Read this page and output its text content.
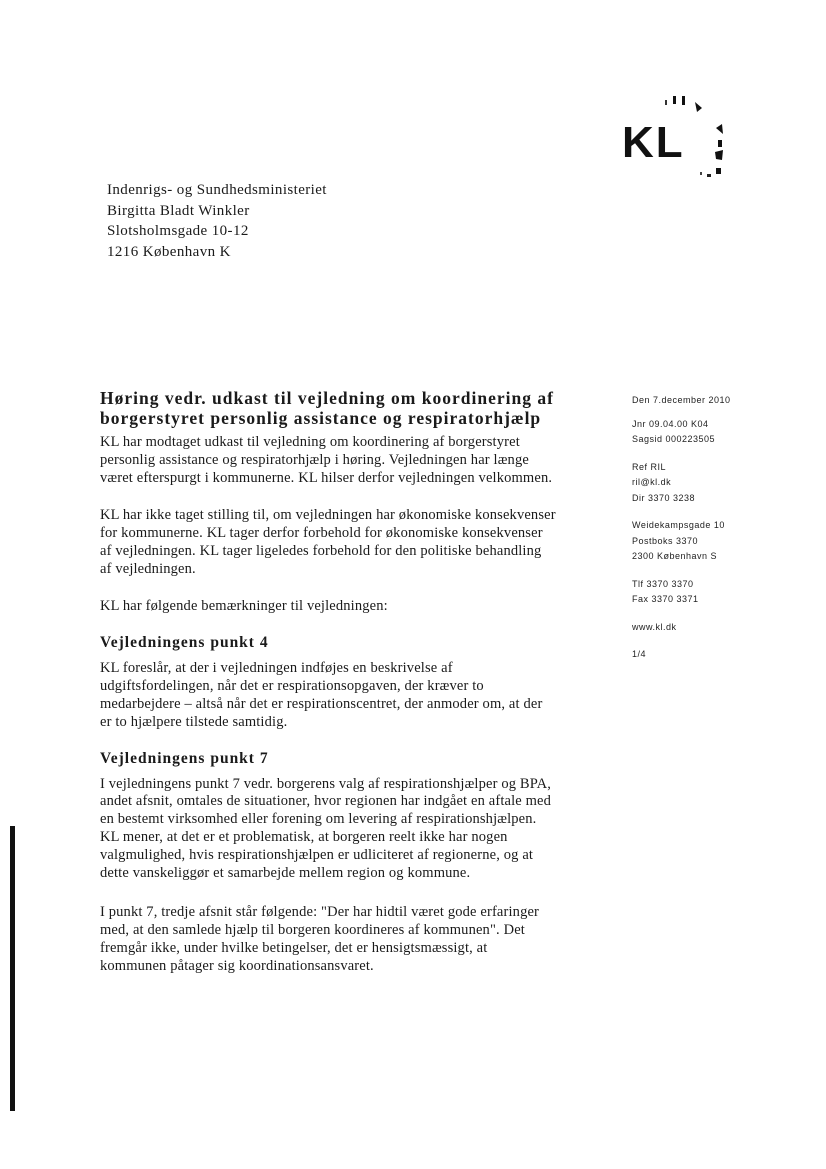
KL
Indenrigs- og Sundhedsministeriet
Birgitta Bladt Winkler
Slotsholmsgade 10-12
1216 København K
Høring vedr. udkast til vejledning om koordinering af
borgerstyret personlig assistance og respiratorhjælp
KL har modtaget udkast til vejledning om koordinering af borgerstyret
personlig assistance og respiratorhjælp i høring. Vejledningen har længe
været efterspurgt i kommunerne. KL hilser derfor vejledningen velkommen.
KL har ikke taget stilling til, om vejledningen har økonomiske konsekvenser
for kommunerne. KL tager derfor forbehold for økonomiske konsekvenser
af vejledningen. KL tager ligeledes forbehold for den politiske behandling
af vejledningen.
KL har følgende bemærkninger til vejledningen:
Vejledningens punkt 4
KL foreslår, at der i vejledningen indføjes en beskrivelse af
udgiftsfordelingen, når det er respirationsopgaven, der kræver to
medarbejdere – altså når det er respirationscentret, der anmoder om, at der
er to hjælpere tilstede samtidig.
Vejledningens punkt 7
I vejledningens punkt 7 vedr. borgerens valg af respirationshjælper og BPA,
andet afsnit, omtales de situationer, hvor regionen har indgået en aftale med
en bestemt virksomhed eller forening om levering af respirationshjælpen.
KL mener, at det er et problematisk, at borgeren reelt ikke har nogen
valgmulighed, hvis respirationshjælpen er udliciteret af regionerne, og at
dette vanskeliggør et samarbejde mellem region og kommune.
I punkt 7, tredje afsnit står følgende: "Der har hidtil været gode erfaringer
med, at den samlede hjælp til borgeren koordineres af kommunen". Det
fremgår ikke, under hvilke betingelser, det er hensigtsmæssigt, at
kommunen påtager sig koordinationsansvaret.
Den 7.december 2010
Jnr 09.04.00 K04
Sagsid 000223505
Ref RIL
ril@kl.dk
Dir 3370 3238
Weidekampsgade 10
Postboks 3370
2300 København S
Tlf 3370 3370
Fax 3370 3371
www.kl.dk
1/4
